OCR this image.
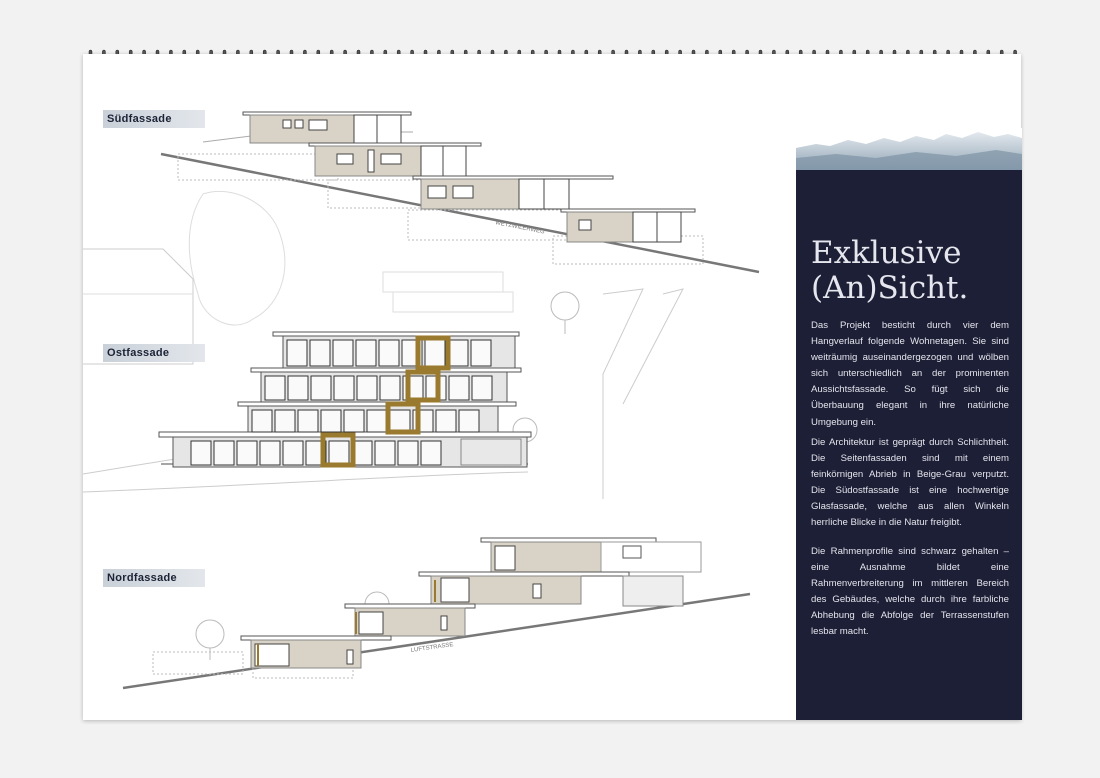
WETZWILERWEG
LUFTSTRASSE
Südfassade
Ostfassade
Nordfassade
Exklusive
(An)Sicht.

Das Projekt besticht durch vier dem Hangverlauf folgende Wohnetagen. Sie sind weiträumig auseinandergezogen und wölben sich unterschiedlich an der prominenten Aussichtsfassade. So fügt sich die Überbauung elegant in ihre natürliche Umgebung ein.

Die Architektur ist geprägt durch Schlichtheit. Die Seitenfassaden sind mit einem feinkörnigen Abrieb in Beige-Grau verputzt. Die Südostfassade ist eine hochwertige Glasfassade, welche aus allen Winkeln herrliche Blicke in die Natur freigibt.

Die Rahmenprofile sind schwarz gehalten – eine Ausnahme bildet eine Rahmenverbreiterung im mittleren Bereich des Gebäudes, welche durch ihre farbliche Abhebung die Abfolge der Terrassenstufen lesbar macht.
